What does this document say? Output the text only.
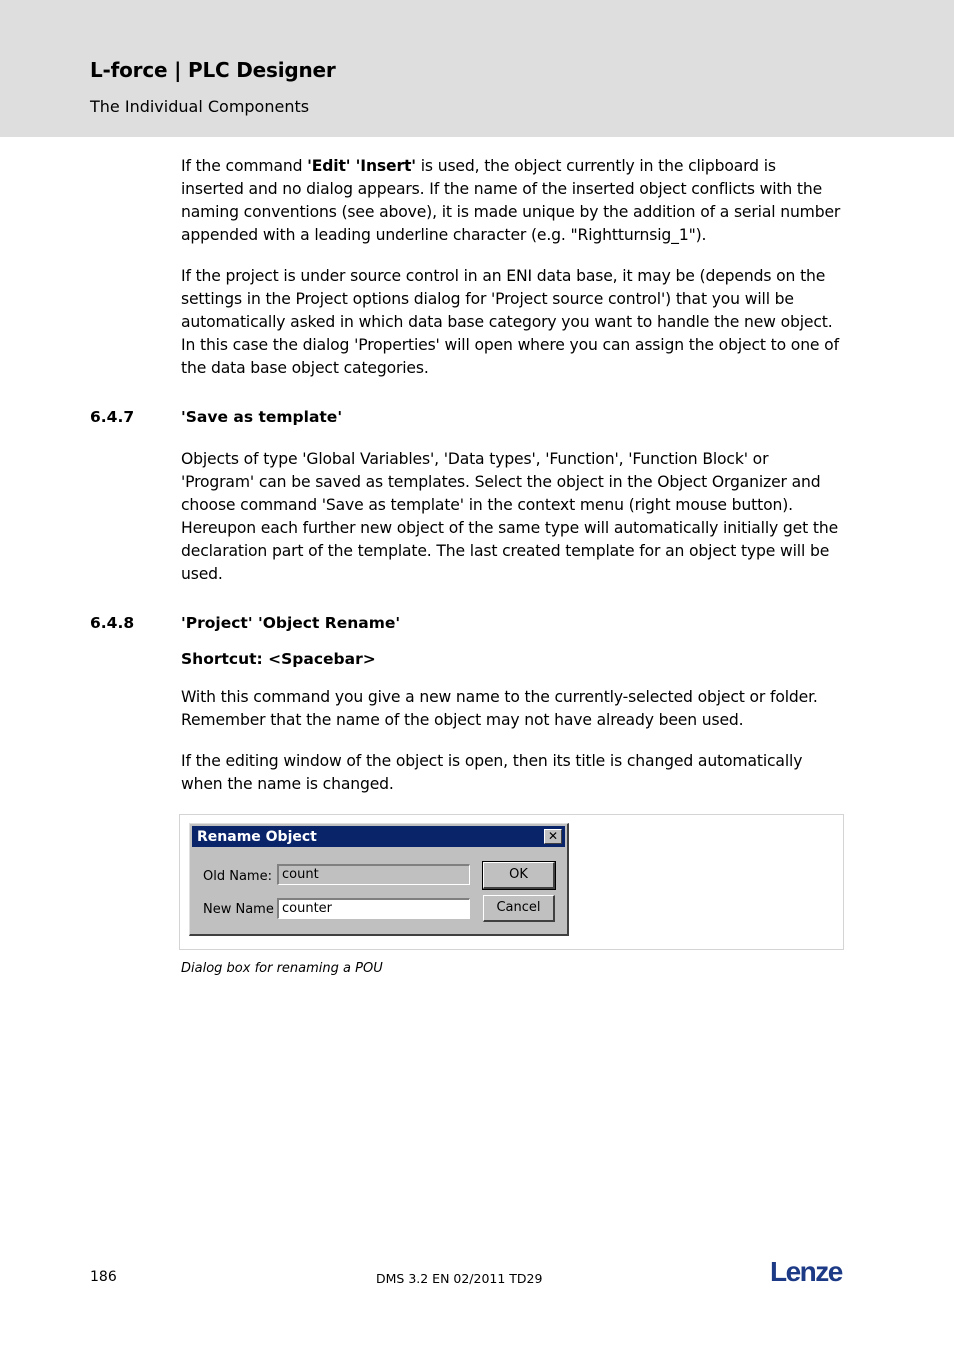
L-force | PLC Designer
The Individual Components

If the command 'Edit' 'Insert' is used, the object currently in the clipboard is inserted and no dialog appears. If the name of the inserted object conflicts with the naming conventions (see above), it is made unique by the addition of a serial number appended with a leading underline character (e.g. "Rightturnsig_1").

If the project is under source control in an ENI data base, it may be (depends on the settings in the Project options dialog for 'Project source control') that you will be automatically asked in which data base category you want to handle the new object. In this case the dialog 'Properties' will open where you can assign the object to one of the data base object categories.

6.4.7	'Save as template'

Objects of type 'Global Variables', 'Data types', 'Function', 'Function Block' or 'Program' can be saved as templates. Select the object in the Object Organizer and choose command 'Save as template' in the context menu (right mouse button). Hereupon each further new object of the same type will automatically initially get the declaration part of the template. The last created template for an object type will be used.

6.4.8	'Project' 'Object Rename'
Shortcut: <Spacebar>

With this command you give a new name to the currently-selected object or folder. Remember that the name of the object may not have already been used.

If the editing window of the object is open, then its title is changed automatically when the name is changed.

Rename Object	✕
Old Name: count
New Name counter
OK
Cancel
Dialog box for renaming a POU
186	DMS 3.2 EN 02/2011 TD29	Lenze
